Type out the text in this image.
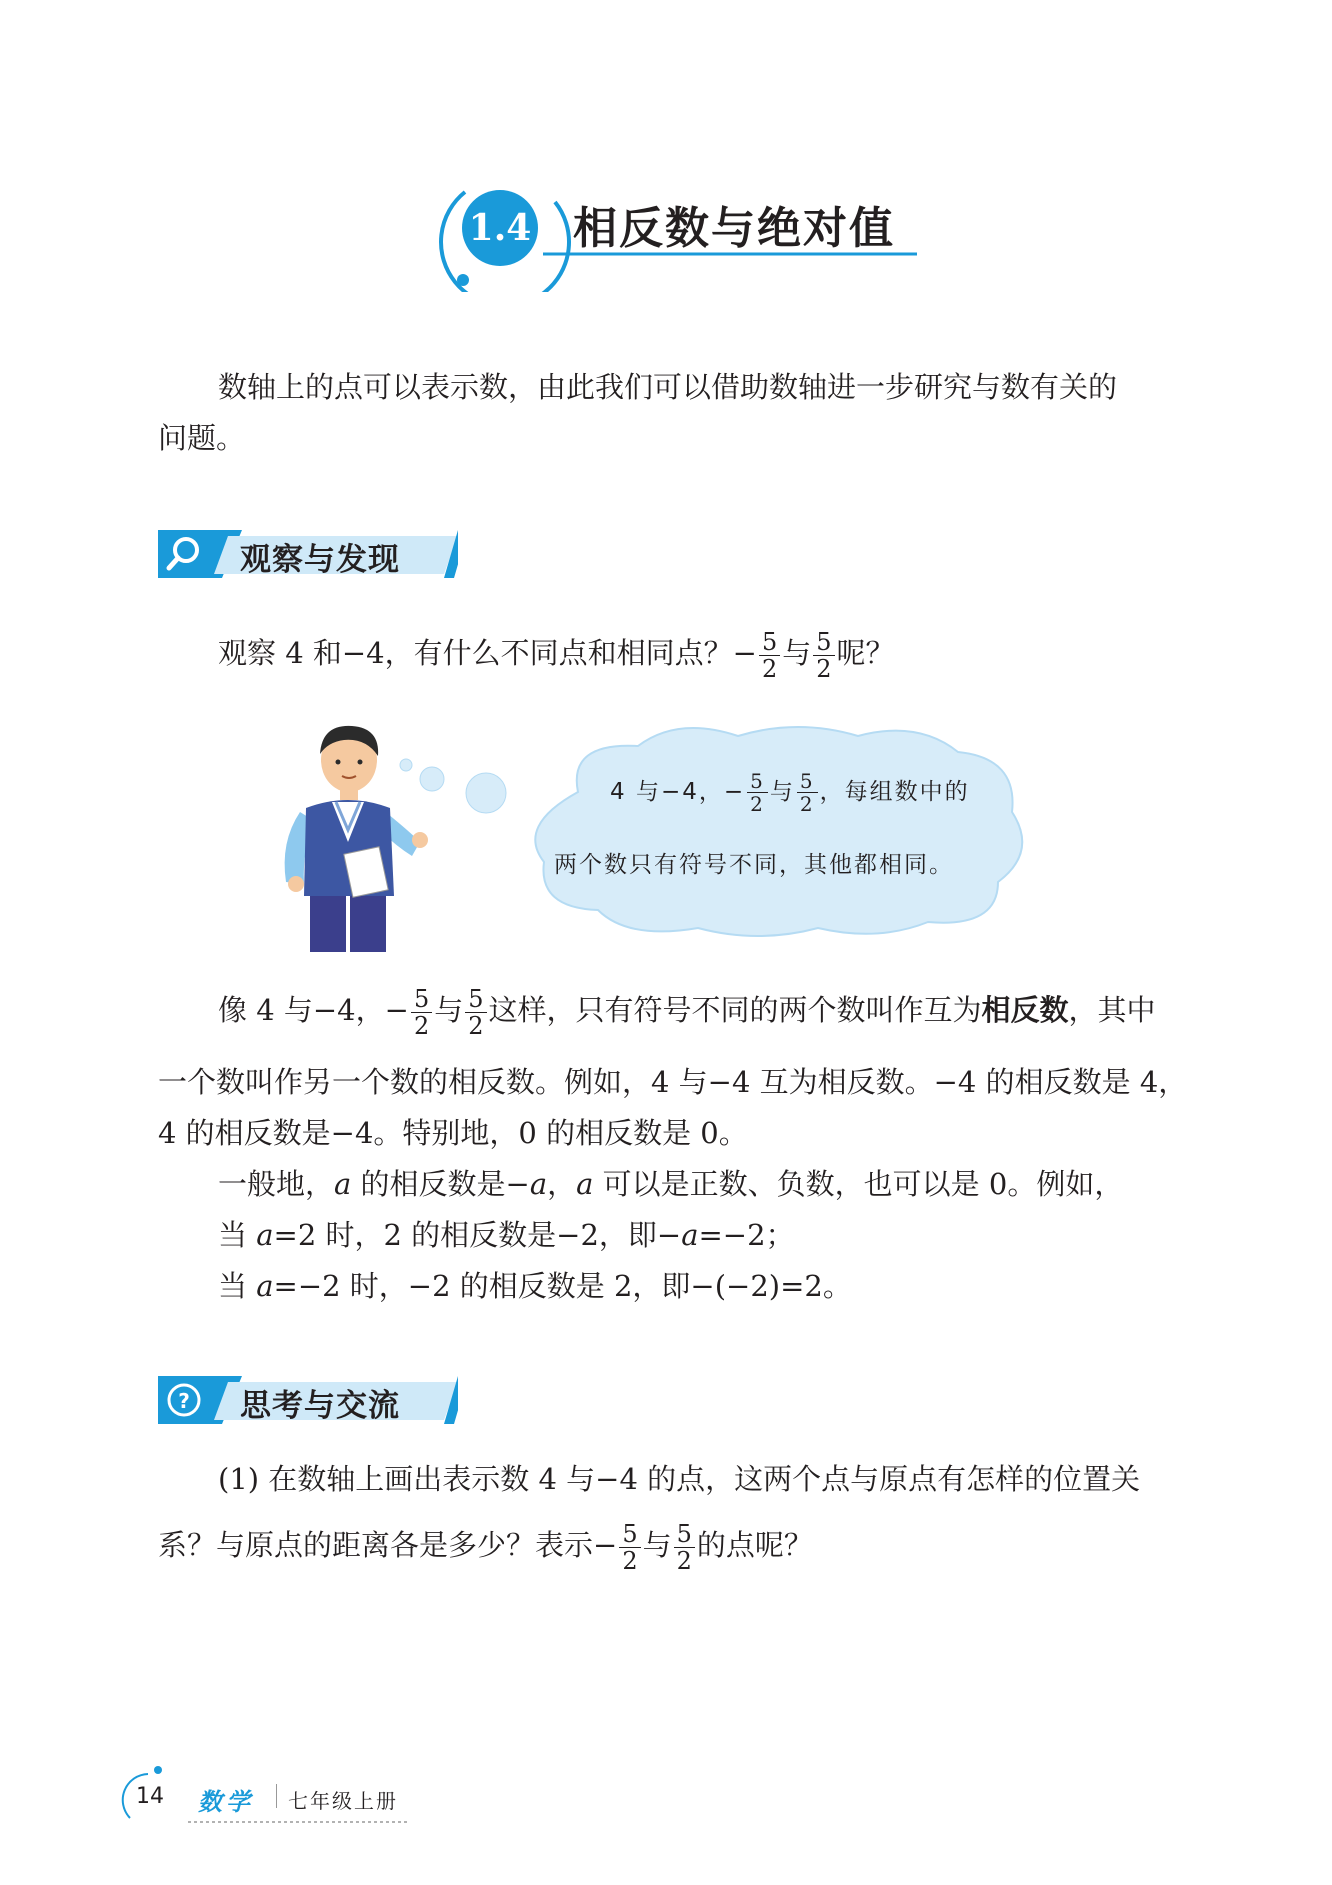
1.4 相反数与绝对值
数轴上的点可以表示数，由此我们可以借助数轴进一步研究与数有关的
问题。
观察与发现
观察 4 和−4，有什么不同点和相同点？− $\frac{5}{2}$ 与 $\frac{5}{2}$ 呢？
4 与−4，− $\frac{5}{2}$ 与 $\frac{5}{2}$ ，每组数中的
两个数只有符号不同，其他都相同。
像 4 与−4，− $\frac{5}{2}$ 与 $\frac{5}{2}$ 这样，只有符号不同的两个数叫作互为相反数，其中
一个数叫作另一个数的相反数。例如，4 与−4 互为相反数。−4 的相反数是 4，
4 的相反数是−4。特别地，0 的相反数是 0。
一般地，a 的相反数是−a，a 可以是正数、负数，也可以是 0。例如，
当 a=2 时，2 的相反数是−2，即−a=−2；
当 a=−2 时，−2 的相反数是 2，即−(−2)=2。
? 思考与交流
(1) 在数轴上画出表示数 4 与−4 的点，这两个点与原点有怎样的位置关
系？与原点的距离各是多少？表示− $\frac{5}{2}$ 与 $\frac{5}{2}$ 的点呢？
14 数学 七年级上册
